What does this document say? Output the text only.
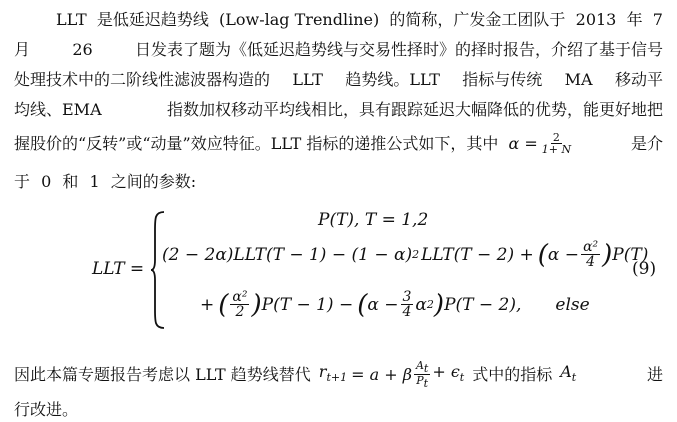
LLT 是低延迟趋势线 (Low-lag Trendline) 的简称，广发金工团队于 2013 年 7
月	26	日发表了题为《低延迟趋势线与交易性择时》的择时报告，介绍了基于信号
处理技术中的二阶线性滤波器构造的 LLT 趋势线。LLT 指标与传统 MA 移动平
均线、EMA	指数加权移动平均线相比，具有跟踪延迟大幅降低的优势，能更好地把
握股价的“反转”或“动量”效应特征。LLT 指标的递推公式如下，其中 $\alpha = \frac{2}{1+ N}$	是介
于 0 和 1 之间的参数:
LLT =
P(T), T = 1,2
(2 − 2α)LLT(T − 1) − (1 − α) 2 LLT(T − 2) + ( $\alpha - \frac{\text{α²}}{4}$ ) P(T)
+ ( $\frac{\text{α²}}{2}$ ) P(T − 1) − ( $\alpha - \frac{3}{4}$ α 2 ) P(T − 2), else
(9)
因此本篇专题报告考虑以 LLT 趋势线替代 $r_{t+1} = a + \beta \frac{A_t}{P_t} + \epsilon_t$ 式中的指标 $A_t$	进
行改进。
